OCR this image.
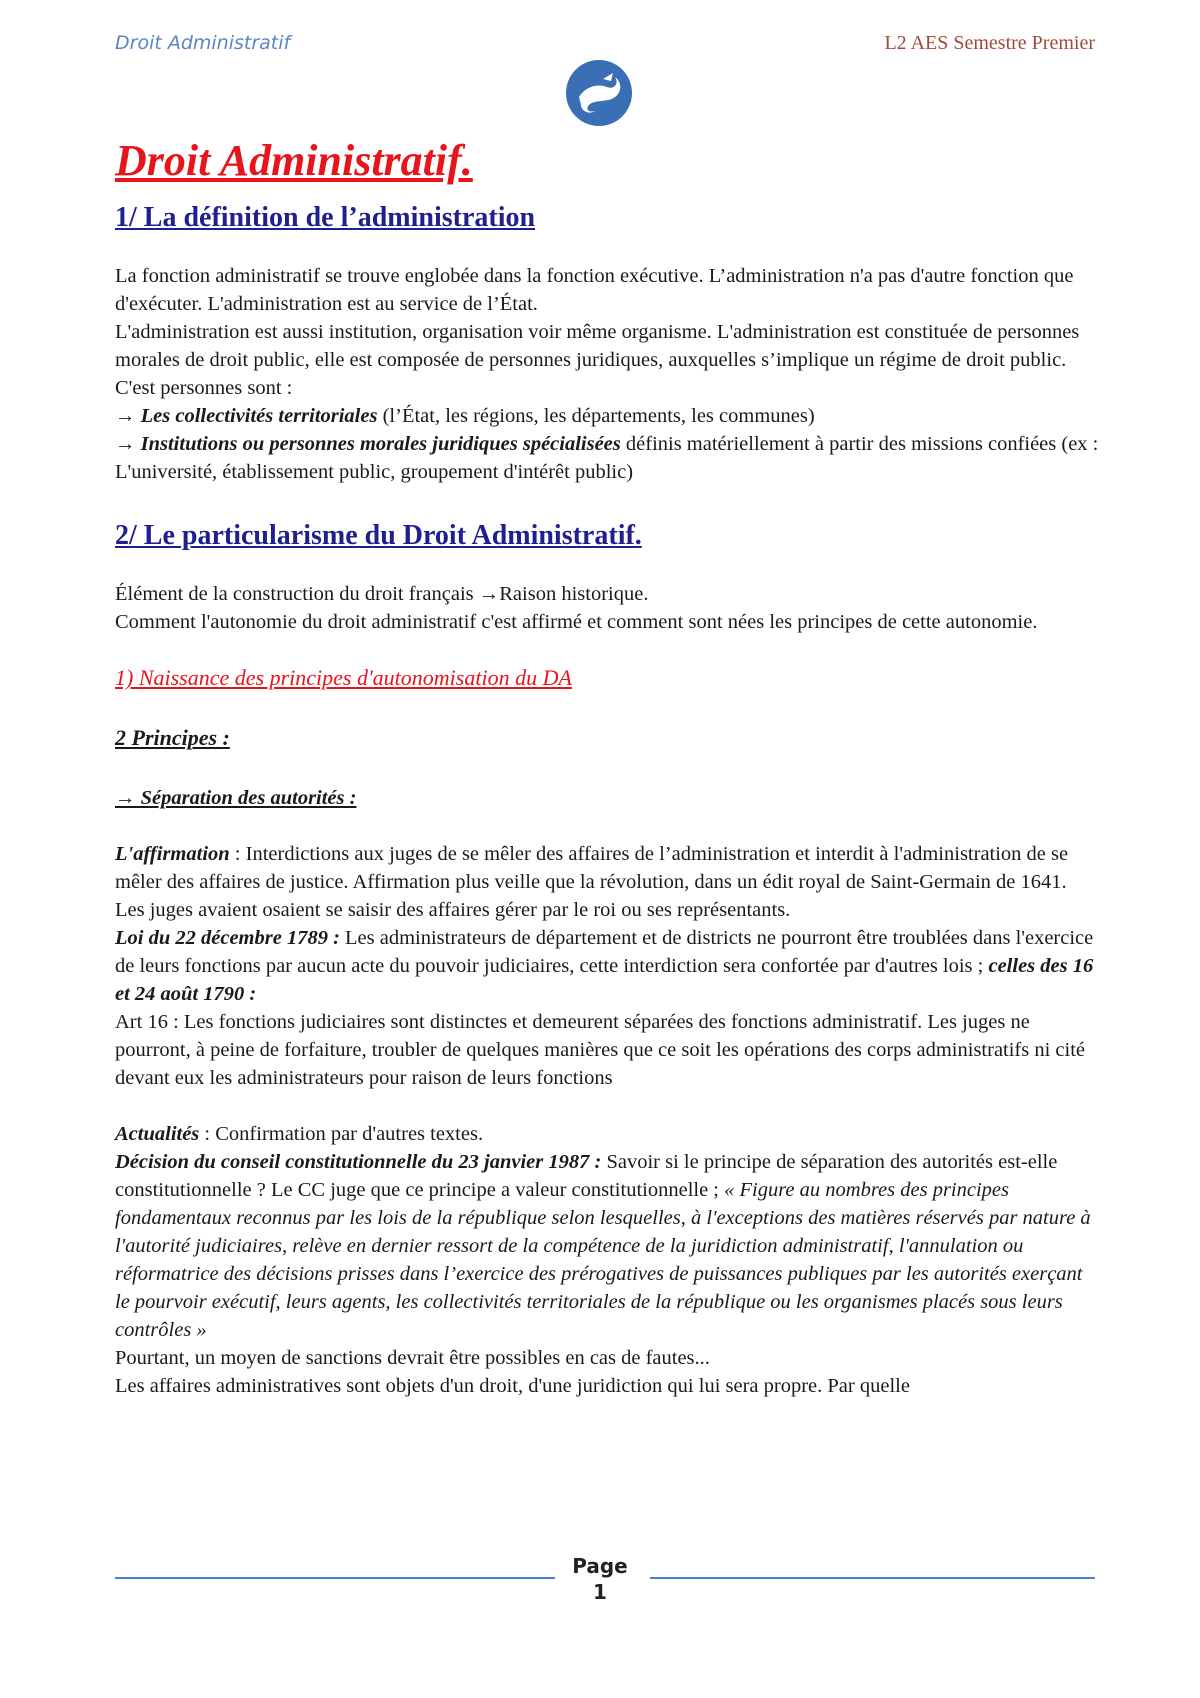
Droit Administratif	L2 AES Semestre Premier
Droit Administratif.
1/ La définition de l’administration

La fonction administratif se trouve englobée dans la fonction exécutive. L’administration n'a pas d'autre fonction que d'exécuter. L'administration est au service de l’État.

L'administration est aussi institution, organisation voir même organisme. L'administration est constituée de personnes morales de droit public, elle est composée de personnes juridiques, auxquelles s’implique un régime de droit public.

C'est personnes sont :

→ Les collectivités territoriales (l’État, les régions, les départements, les communes)

→ Institutions ou personnes morales juridiques spécialisées définis matériellement à partir des missions confiées (ex : L'université, établissement public, groupement d'intérêt public)

2/ Le particularisme du Droit Administratif.

Élément de la construction du droit français →Raison historique.

Comment l'autonomie du droit administratif c'est affirmé et comment sont nées les principes de cette autonomie.

1) Naissance des principes d'autonomisation du DA
2 Principes :
→ Séparation des autorités :

L'affirmation : Interdictions aux juges de se mêler des affaires de l’administration et interdit à l'administration de se mêler des affaires de justice. Affirmation plus veille que la révolution, dans un édit royal de Saint-Germain de 1641. Les juges avaient osaient se saisir des affaires gérer par le roi ou ses représentants.

Loi du 22 décembre 1789 : Les administrateurs de département et de districts ne pourront être troublées dans l'exercice de leurs fonctions par aucun acte du pouvoir judiciaires, cette interdiction sera confortée par d'autres lois ; celles des 16 et 24 août 1790 :

Art 16 : Les fonctions judiciaires sont distinctes et demeurent séparées des fonctions administratif. Les juges ne pourront, à peine de forfaiture, troubler de quelques manières que ce soit les opérations des corps administratifs ni cité devant eux les administrateurs pour raison de leurs fonctions

Actualités : Confirmation par d'autres textes.

Décision du conseil constitutionnelle du 23 janvier 1987 : Savoir si le principe de séparation des autorités est-elle constitutionnelle ? Le CC juge que ce principe a valeur constitutionnelle ; « Figure au nombres des principes fondamentaux reconnus par les lois de la république selon lesquelles, à l'exceptions des matières réservés par nature à l'autorité judiciaires, relève en dernier ressort de la compétence de la juridiction administratif, l'annulation ou réformatrice des décisions prisses dans l’exercice des prérogatives de puissances publiques par les autorités exerçant le pourvoir exécutif, leurs agents, les collectivités territoriales de la république ou les organismes placés sous leurs contrôles »

Pourtant, un moyen de sanctions devrait être possibles en cas de fautes...

Les affaires administratives sont objets d'un droit, d'une juridiction qui lui sera propre. Par quelle

Page
1
